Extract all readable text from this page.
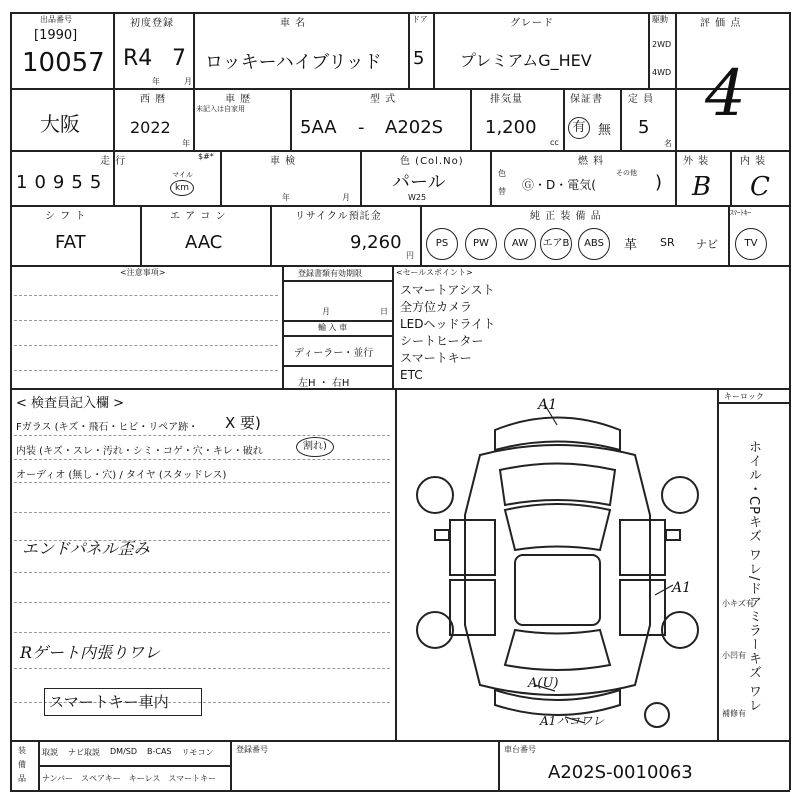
出品番号
[1990]
10057
初度登録
R4 7
年	月
車 名
ロッキーハイブリッド
ドア
5
グレード
プレミアムG_HEV
駆動
2WD
4WD
評 価 点
4
大阪
西 暦
2022
年
車 歴
未記入は自家用
型 式
5AA - A202S
排気量
1,200
cc
保証書
有 無
定 員
5
名
走 行
1 0 9 5 5	マイル
km
$#*	車 検
年	月
色 (Col.No)
パール
W25
色
替
燃 料
Ⓖ・D・電気(
その他 )
外 装
B
内 装
C
シ フ ト
FAT
エ ア コ ン
AAC
リサイクル預託金
9,260
円
純 正 装 備 品	ｽﾏｰﾄｷｰ
PS	PW	AW	エアB	ABS	革 SR ナビ	TV
<注意事項>	登録書類有効期限
月	日
輸 入 車
ディーラー・並行
左H ・ 右H
<セールスポイント>
スマートアシスト
全方位カメラ
LEDヘッドライト
シートヒーター
スマートキー
ETC
< 検査員記入欄 >
Fガラス (キズ・飛石・ヒビ・リペア跡・ X 要)
内装 (キズ・スレ・汚れ・シミ・コゲ・穴・キレ・破れ	割れ)
オーディオ (無し・穴) / タイヤ (スタッドレス)
エンドパネル歪み
Rゲート内張りワレ
スマートキー車内
キーロック
ホイル・CPキズ ワレ/ドアミラーキズ ワレ
小キズ有
小凹有
補修有
A1
A1
A(U)
A1ハコワレ
装
備
品
取説 ナビ取説 DM/SD B-CAS リモコン
ナンバー スペアキー キーレス スマートキー
登録番号	車台番号
A202S-0010063
